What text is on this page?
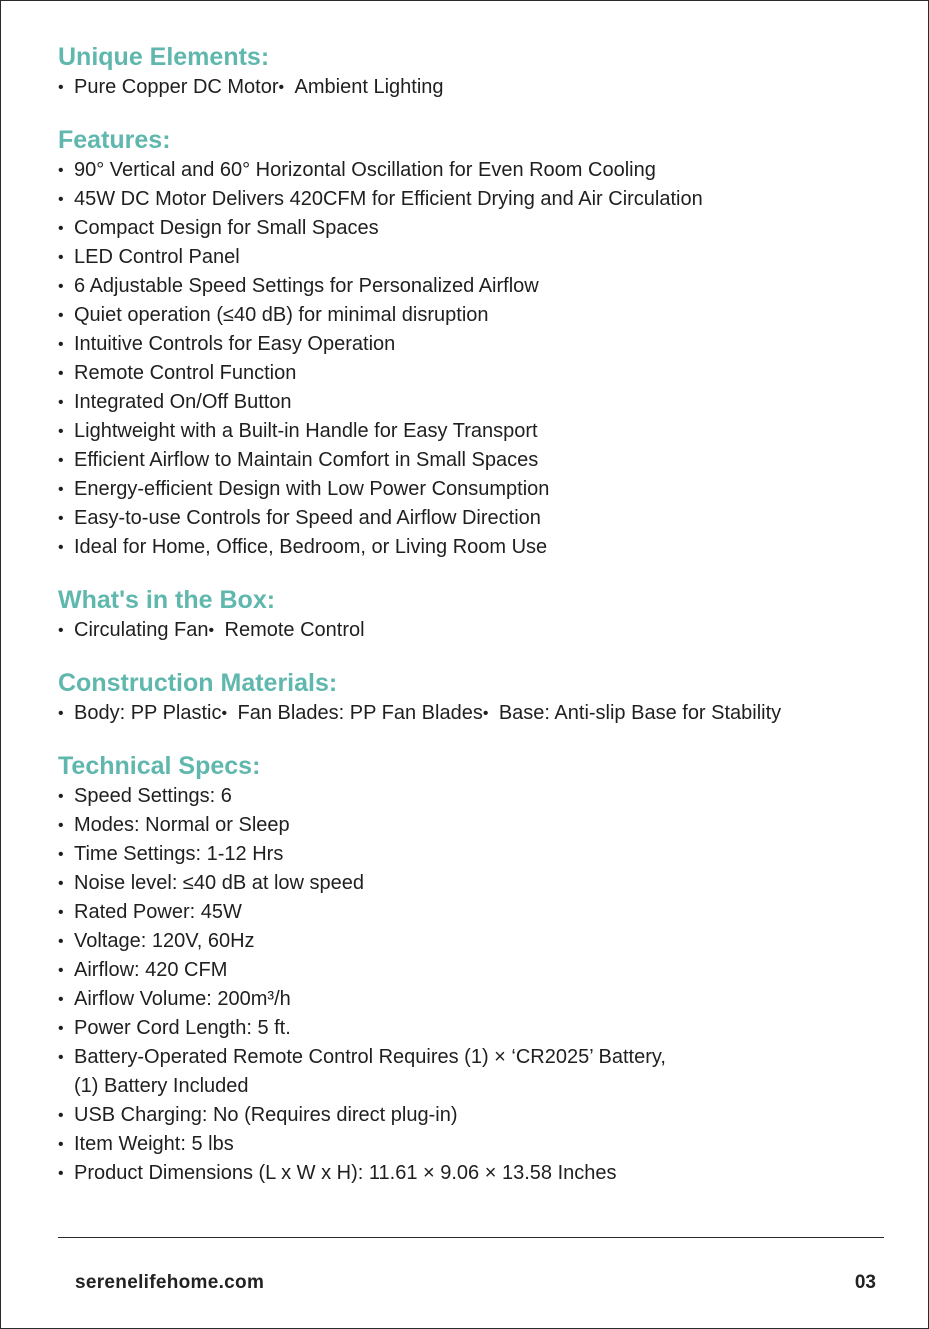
Unique Elements:
• Pure Copper DC Motor • Ambient Lighting
Features:
• 90° Vertical and 60° Horizontal Oscillation for Even Room Cooling
• 45W DC Motor Delivers 420CFM for Efficient Drying and Air Circulation
• Compact Design for Small Spaces
• LED Control Panel
• 6 Adjustable Speed Settings for Personalized Airflow
• Quiet operation (≤40 dB) for minimal disruption
• Intuitive Controls for Easy Operation
• Remote Control Function
• Integrated On/Off Button
• Lightweight with a Built-in Handle for Easy Transport
• Efficient Airflow to Maintain Comfort in Small Spaces
• Energy-efficient Design with Low Power Consumption
• Easy-to-use Controls for Speed and Airflow Direction
• Ideal for Home, Office, Bedroom, or Living Room Use
What's in the Box:
• Circulating Fan • Remote Control
Construction Materials:
• Body: PP Plastic • Fan Blades: PP Fan Blades • Base: Anti-slip Base for Stability
Technical Specs:
• Speed Settings: 6
• Modes: Normal or Sleep
• Time Settings: 1-12 Hrs
• Noise level: ≤40 dB at low speed
• Rated Power: 45W
• Voltage: 120V, 60Hz
• Airflow: 420 CFM
• Airflow Volume: 200m³/h
• Power Cord Length: 5 ft.
• Battery-Operated Remote Control Requires (1) × ‘CR2025’ Battery,
(1) Battery Included
• USB Charging: No (Requires direct plug-in)
• Item Weight: 5 lbs
• Product Dimensions (L x W x H): 11.61 × 9.06 × 13.58 Inches
serenelifehome.com	03
